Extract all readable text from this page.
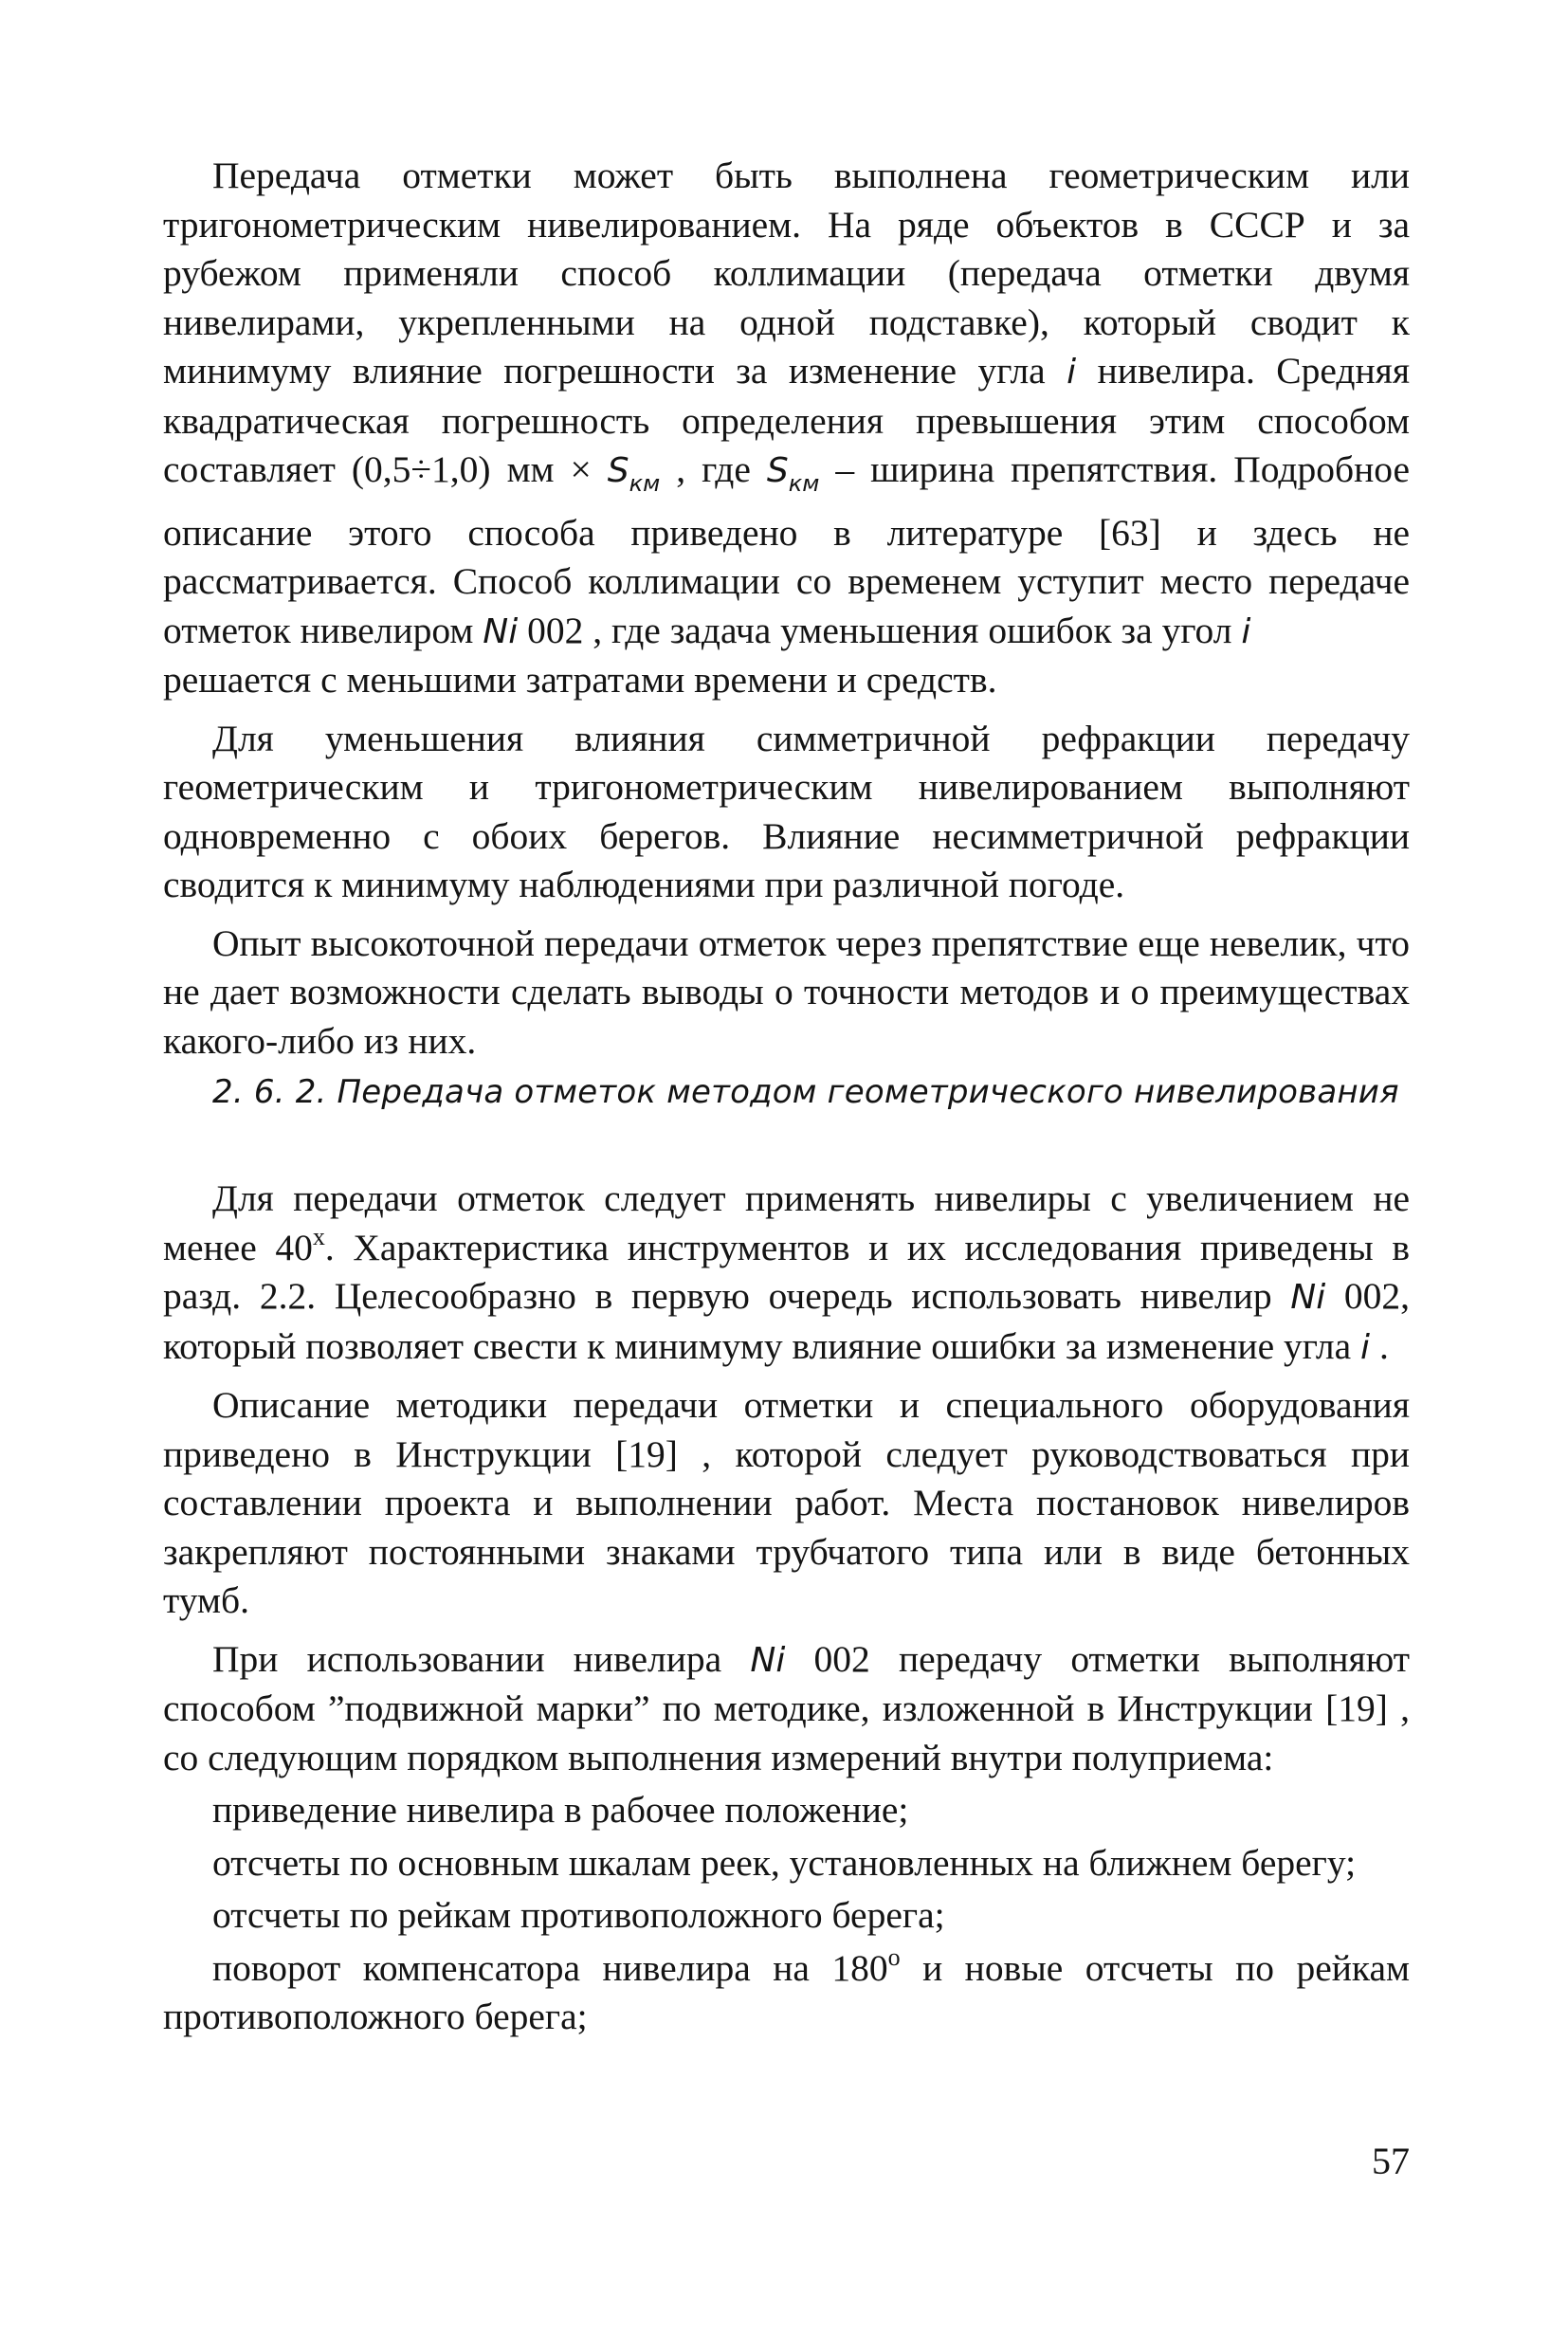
Передача отметки может быть выполнена геометрическим или тригонометрическим нивелированием. На ряде объектов в СССР и за рубежом применяли способ коллимации (передача отметки двумя нивелирами, укрепленными на одной подставке), который сводит к минимуму влияние погрешности за изменение угла i нивелира. Средняя квадратическая погрешность определения превышения этим способом составляет (0,5÷1,0) мм × $S_{км}$ , где $S_{км}$ – ширина препятствия. Подробное описание этого способа приведено в литературе [63] и здесь не рассматривается. Способ коллимации со временем уступит место передаче отметок нивелиром Ni 002 , где задача уменьшения ошибок за угол i
решается с меньшими затратами времени и средств.

Для уменьшения влияния симметричной рефракции передачу геометрическим и тригонометрическим нивелированием выполняют одновременно с обоих берегов. Влияние несимметричной рефракции сводится к минимуму наблюдениями при различной погоде.

Опыт высокоточной передачи отметок через препятствие еще невелик, что не дает возможности сделать выводы о точности методов и о преимуществах какого-либо из них.

2. 6. 2. Передача отметок методом геометрического нивелирования

Для передачи отметок следует применять нивелиры с увеличением не менее $40^х$. Характеристика инструментов и их исследования приведены в разд. 2.2. Целесообразно в первую очередь использовать нивелир Ni 002, который позволяет свести к минимуму влияние ошибки за изменение угла i .

Описание методики передачи отметки и специального оборудования приведено в Инструкции [19] , которой следует руководствоваться при составлении проекта и выполнении работ. Места постановок нивелиров закрепляют постоянными знаками трубчатого типа или в виде бетонных тумб.

При использовании нивелира Ni 002 передачу отметки выполняют способом ”подвижной марки” по методике, изложенной в Инструкции [19] , со следующим порядком выполнения измерений внутри полуприема:

приведение нивелира в рабочее положение;

отсчеты по основным шкалам реек, установленных на ближнем берегу;

отсчеты по рейкам противоположного берега;

поворот компенсатора нивелира на $180^о$ и новые отсчеты по рейкам противоположного берега;

57
